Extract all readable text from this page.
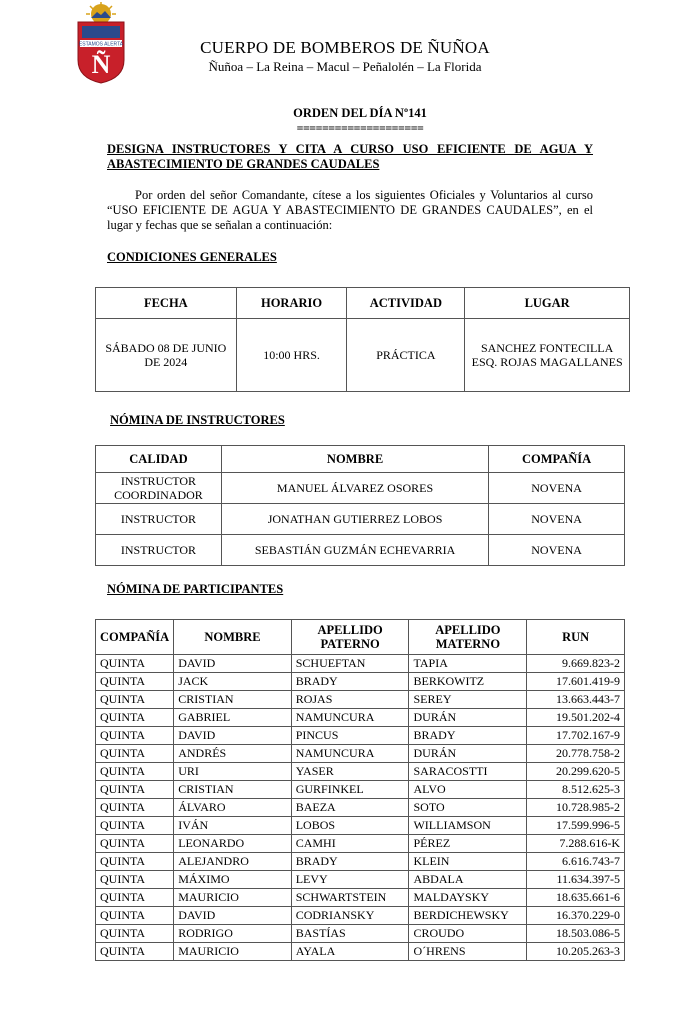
ESTAMOS ALERTA
Ñ
CUERPO DE BOMBEROS DE ÑUÑOA
Ñuñoa – La Reina – Macul – Peñalolén – La Florida
ORDEN DEL DÍA Nº141
====================
DESIGNA INSTRUCTORES Y CITA A CURSO USO EFICIENTE DE AGUA Y ABASTECIMIENTO DE GRANDES CAUDALES
Por orden del señor Comandante, cítese a los siguientes Oficiales y Voluntarios al curso “USO EFICIENTE DE AGUA Y ABASTECIMIENTO DE GRANDES CAUDALES”, en el lugar y fechas que se señalan a continuación:
CONDICIONES GENERALES
FECHA	HORARIO	ACTIVIDAD	LUGAR
SÁBADO 08 DE JUNIO DE 2024	10:00 HRS.	PRÁCTICA	SANCHEZ FONTECILLA ESQ. ROJAS MAGALLANES
NÓMINA DE INSTRUCTORES
CALIDAD	NOMBRE	COMPAÑÍA
INSTRUCTOR COORDINADOR	MANUEL ÁLVAREZ OSORES	NOVENA
INSTRUCTOR	JONATHAN GUTIERREZ LOBOS	NOVENA
INSTRUCTOR	SEBASTIÁN GUZMÁN ECHEVARRIA	NOVENA
NÓMINA DE PARTICIPANTES
COMPAÑÍA	NOMBRE	APELLIDO PATERNO	APELLIDO MATERNO	RUN
QUINTA	DAVID	SCHUEFTAN	TAPIA	9.669.823-2
QUINTA	JACK	BRADY	BERKOWITZ	17.601.419-9
QUINTA	CRISTIAN	ROJAS	SEREY	13.663.443-7
QUINTA	GABRIEL	NAMUNCURA	DURÁN	19.501.202-4
QUINTA	DAVID	PINCUS	BRADY	17.702.167-9
QUINTA	ANDRÉS	NAMUNCURA	DURÁN	20.778.758-2
QUINTA	URI	YASER	SARACOSTTI	20.299.620-5
QUINTA	CRISTIAN	GURFINKEL	ALVO	8.512.625-3
QUINTA	ÁLVARO	BAEZA	SOTO	10.728.985-2
QUINTA	IVÁN	LOBOS	WILLIAMSON	17.599.996-5
QUINTA	LEONARDO	CAMHI	PÉREZ	7.288.616-K
QUINTA	ALEJANDRO	BRADY	KLEIN	6.616.743-7
QUINTA	MÁXIMO	LEVY	ABDALA	11.634.397-5
QUINTA	MAURICIO	SCHWARTSTEIN	MALDAYSKY	18.635.661-6
QUINTA	DAVID	CODRIANSKY	BERDICHEWSKY	16.370.229-0
QUINTA	RODRIGO	BASTÍAS	CROUDO	18.503.086-5
QUINTA	MAURICIO	AYALA	O´HRENS	10.205.263-3
